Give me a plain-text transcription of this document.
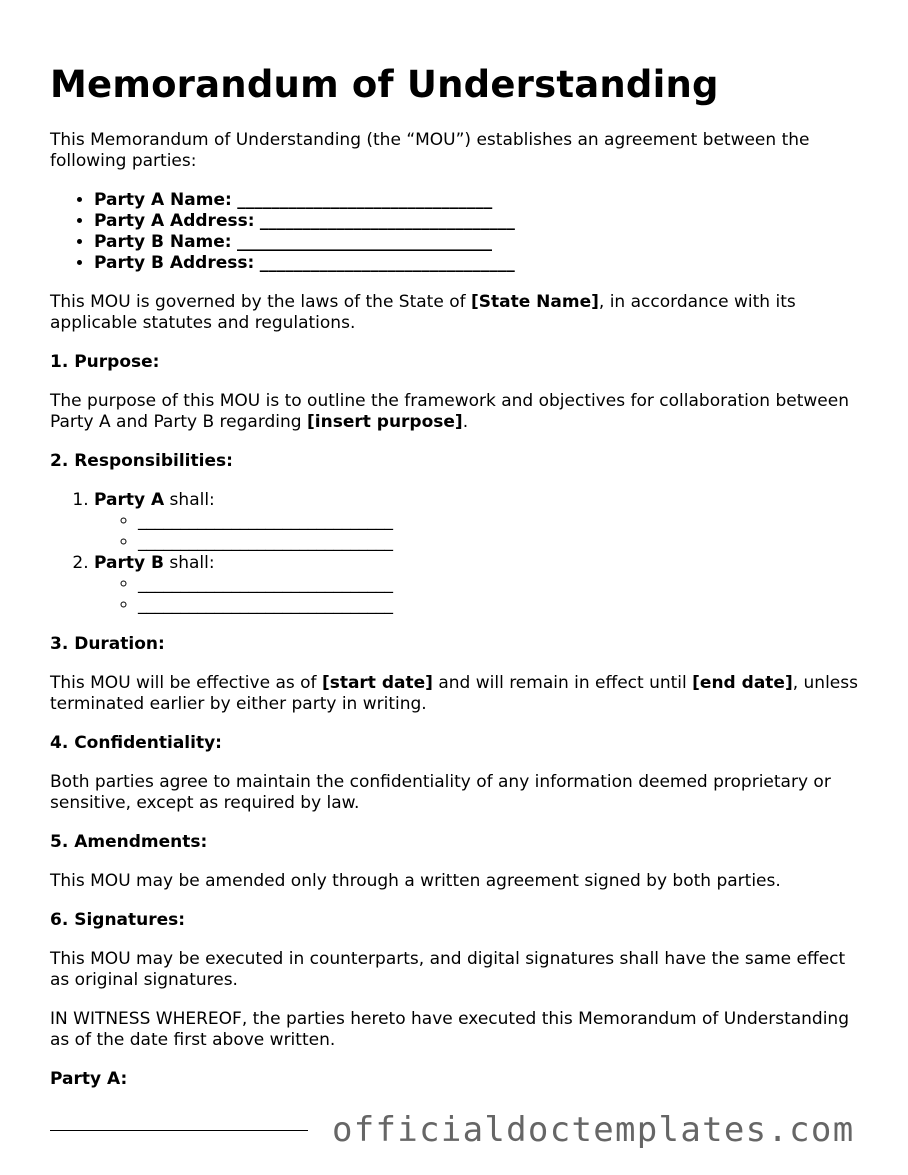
Memorandum of Understanding

This Memorandum of Understanding (the “MOU”) establishes an agreement between the following parties:

• Party A Name: ______________________________
• Party A Address: ______________________________
• Party B Name: ______________________________
• Party B Address: ______________________________

This MOU is governed by the laws of the State of [State Name], in accordance with its applicable statutes and regulations.

1. Purpose:

The purpose of this MOU is to outline the framework and objectives for collaboration between Party A and Party B regarding [insert purpose].

2. Responsibilities:
1. Party A shall:
◦ ______________________________
◦ ______________________________
2. Party B shall:
◦ ______________________________
◦ ______________________________
3. Duration:

This MOU will be effective as of [start date] and will remain in effect until [end date], unless terminated earlier by either party in writing.

4. Confidentiality:

Both parties agree to maintain the confidentiality of any information deemed proprietary or sensitive, except as required by law.

5. Amendments:

This MOU may be amended only through a written agreement signed by both parties.

6. Signatures:

This MOU may be executed in counterparts, and digital signatures shall have the same effect as original signatures.

IN WITNESS WHEREOF, the parties hereto have executed this Memorandum of Understanding as of the date first above written.

Party A:
officialdoctemplates.com
